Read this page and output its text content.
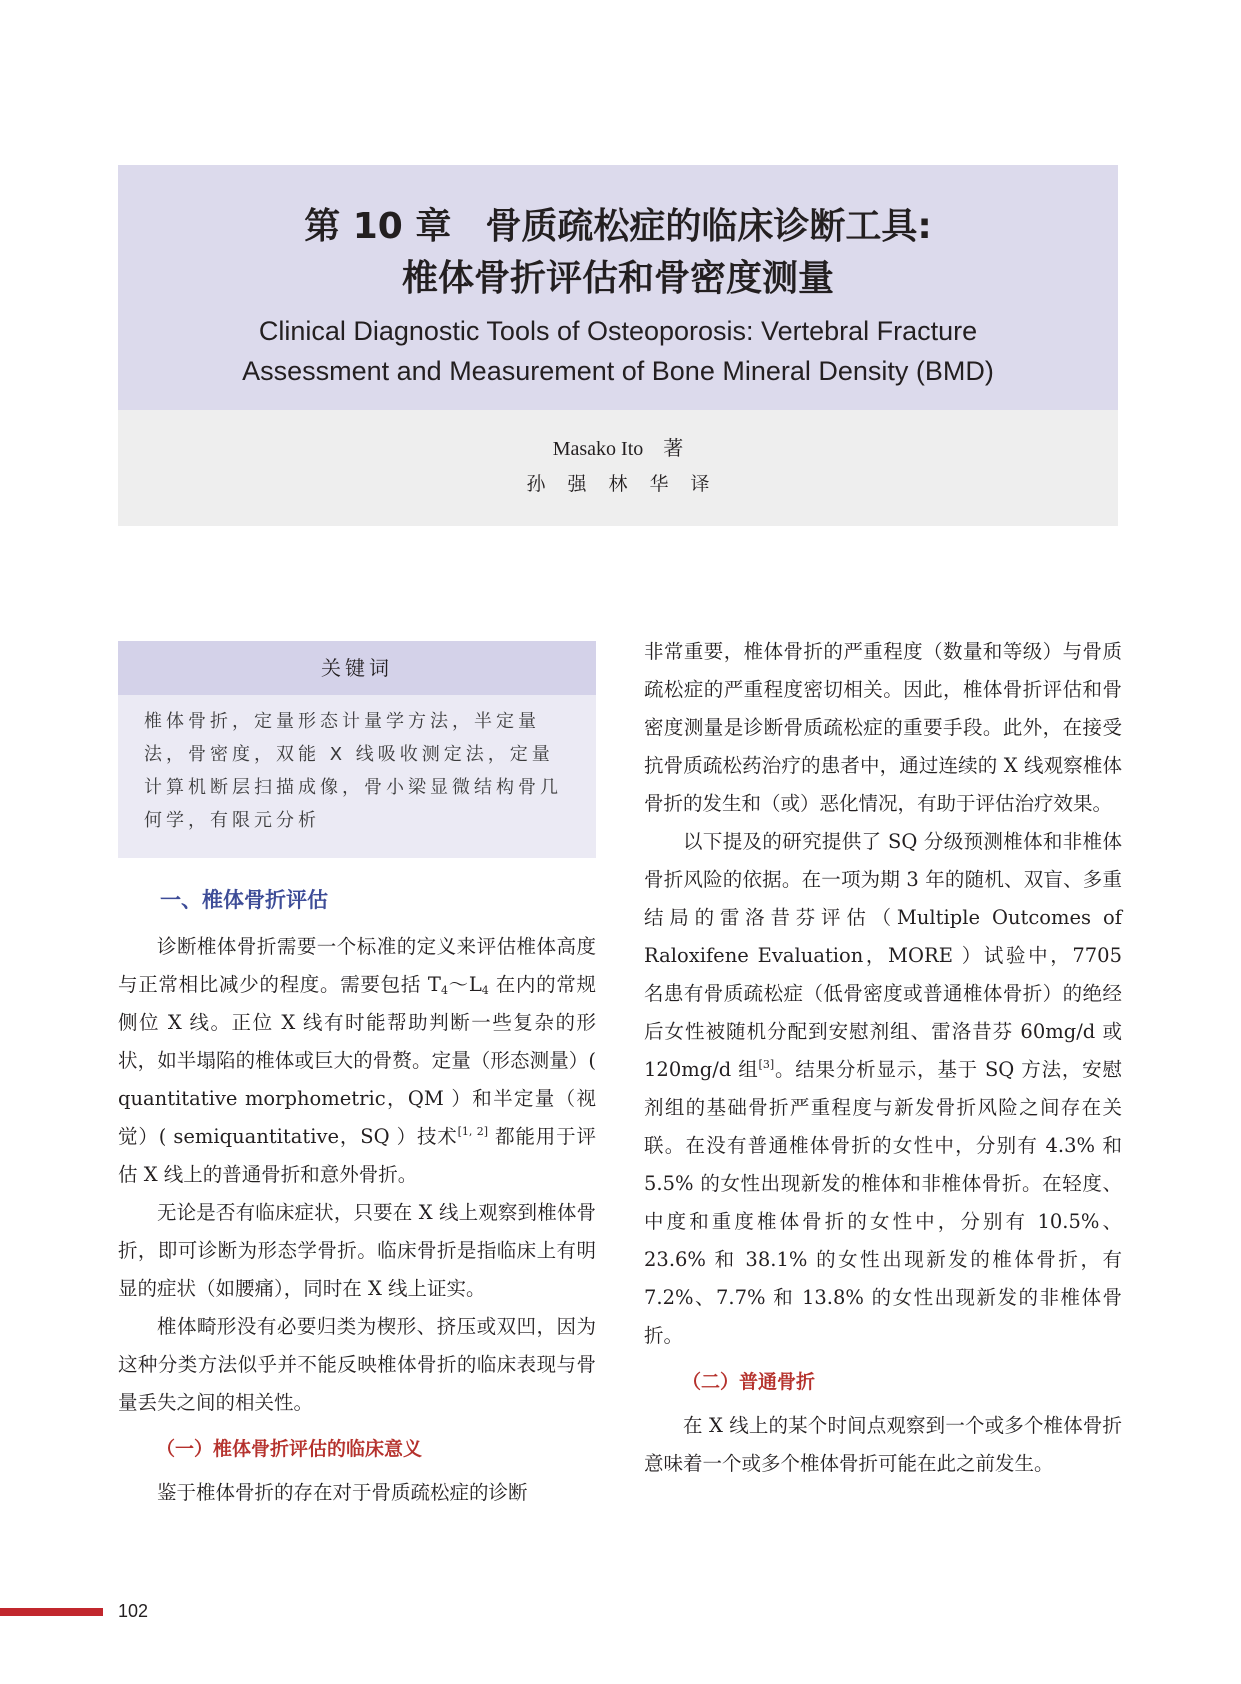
第 10 章 骨质疏松症的临床诊断工具:
椎体骨折评估和骨密度测量

Clinical Diagnostic Tools of Osteoporosis: Vertebral Fracture
Assessment and Measurement of Bone Mineral Density (BMD)

Masako Ito　著

孙强林华译

关键词
椎体骨折，定量形态计量学方法，半定量法，骨密度，双能 X 线吸收测定法，定量计算机断层扫描成像，骨小梁显微结构骨几何学，有限元分析
一、椎体骨折评估

诊断椎体骨折需要一个标准的定义来评估椎体高度与正常相比减少的程度。需要包括 $T_4\sim L_4$ 在内的常规侧位 X 线。正位 X 线有时能帮助判断一些复杂的形状，如半塌陷的椎体或巨大的骨赘。定量（形态测量）( quantitative morphometric，QM ）和半定量（视觉）( semiquantitative，SQ ）技术[1, 2] 都能用于评估 X 线上的普通骨折和意外骨折。

无论是否有临床症状，只要在 X 线上观察到椎体骨折，即可诊断为形态学骨折。临床骨折是指临床上有明显的症状（如腰痛），同时在 X 线上证实。

椎体畸形没有必要归类为楔形、挤压或双凹，因为这种分类方法似乎并不能反映椎体骨折的临床表现与骨量丢失之间的相关性。

（一）椎体骨折评估的临床意义

鉴于椎体骨折的存在对于骨质疏松症的诊断

非常重要，椎体骨折的严重程度（数量和等级）与骨质疏松症的严重程度密切相关。因此，椎体骨折评估和骨密度测量是诊断骨质疏松症的重要手段。此外，在接受抗骨质疏松药治疗的患者中，通过连续的 X 线观察椎体骨折的发生和（或）恶化情况，有助于评估治疗效果。

以下提及的研究提供了 SQ 分级预测椎体和非椎体骨折风险的依据。在一项为期 3 年的随机、双盲、多重结局的雷洛昔芬评估（Multiple Outcomes of Raloxifene Evaluation，MORE ）试验中，7705 名患有骨质疏松症（低骨密度或普通椎体骨折）的绝经后女性被随机分配到安慰剂组、雷洛昔芬 60mg/d 或 120mg/d 组[3]。结果分析显示，基于 SQ 方法，安慰剂组的基础骨折严重程度与新发骨折风险之间存在关联。在没有普通椎体骨折的女性中，分别有 4.3% 和 5.5% 的女性出现新发的椎体和非椎体骨折。在轻度、中度和重度椎体骨折的女性中，分别有 10.5%、23.6% 和 38.1% 的女性出现新发的椎体骨折，有 7.2%、7.7% 和 13.8% 的女性出现新发的非椎体骨折。

（二）普通骨折

在 X 线上的某个时间点观察到一个或多个椎体骨折意味着一个或多个椎体骨折可能在此之前发生。

102
